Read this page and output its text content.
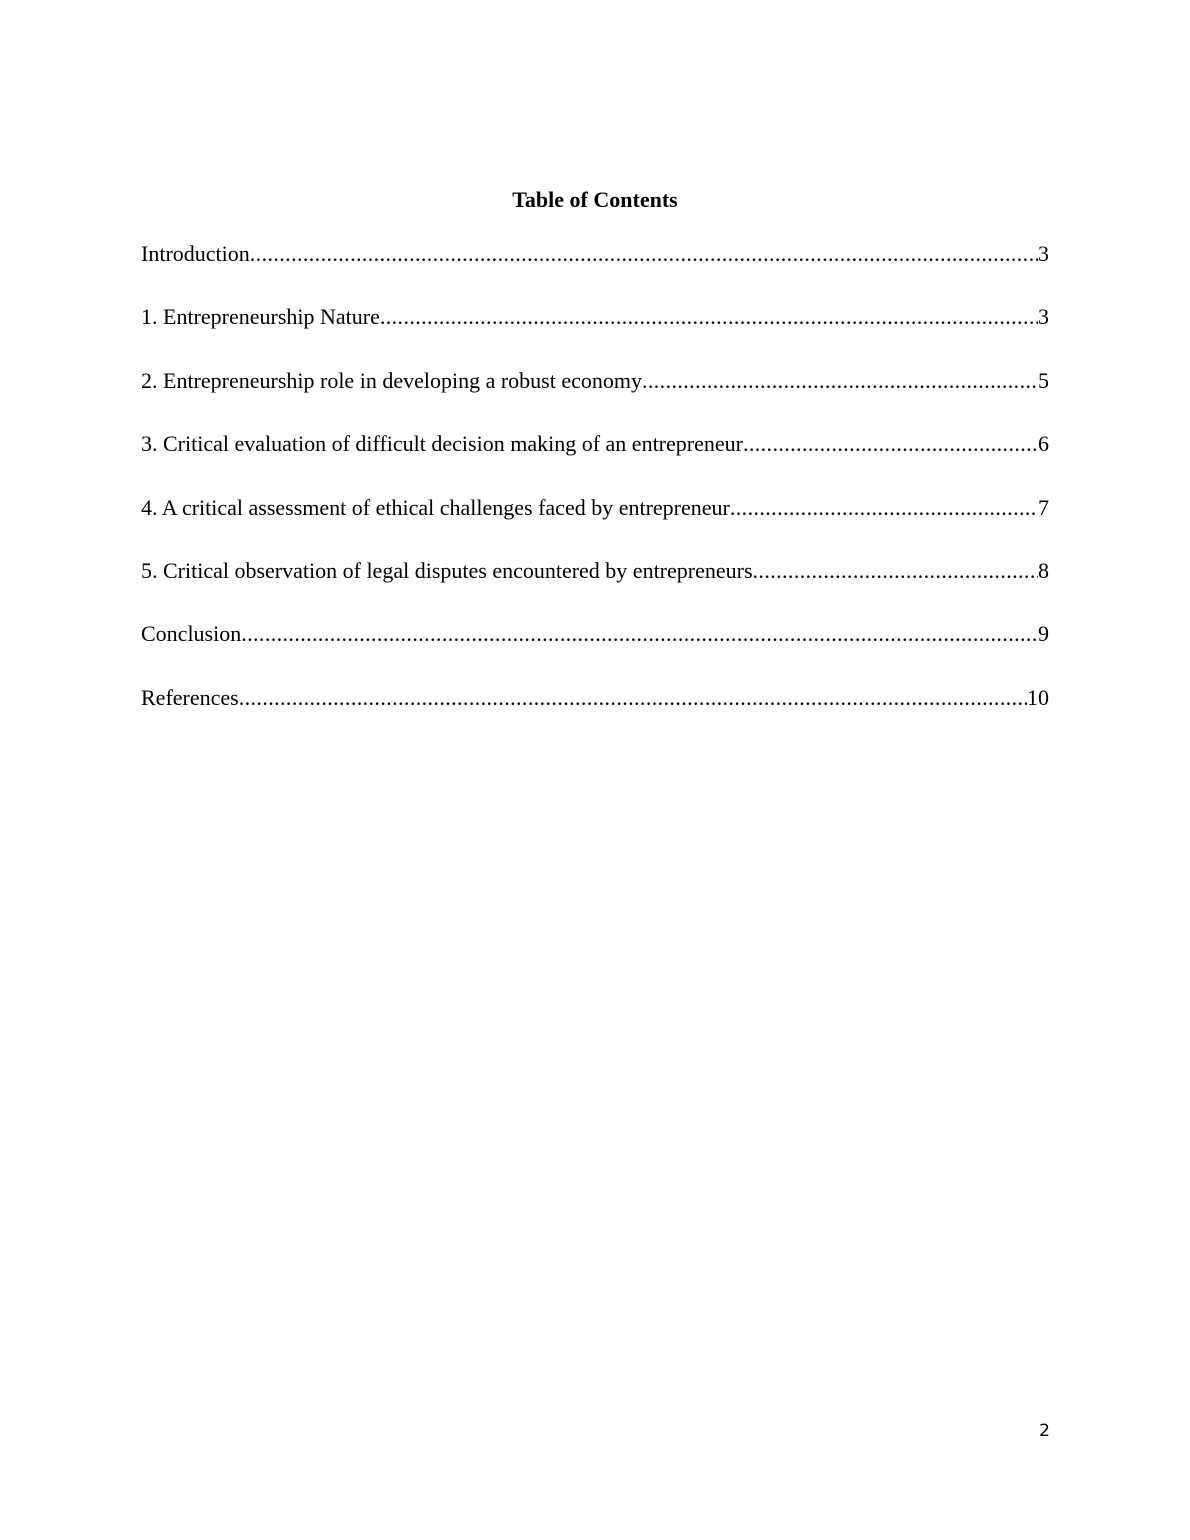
Table of Contents
Introduction .....	3
1. Entrepreneurship Nature .....	3
2. Entrepreneurship role in developing a robust economy .....	5
3. Critical evaluation of difficult decision making of an entrepreneur .....	6
4. A critical assessment of ethical challenges faced by entrepreneur .....	7
5. Critical observation of legal disputes encountered by entrepreneurs .....	8
Conclusion .....	9
References .....	10
2
